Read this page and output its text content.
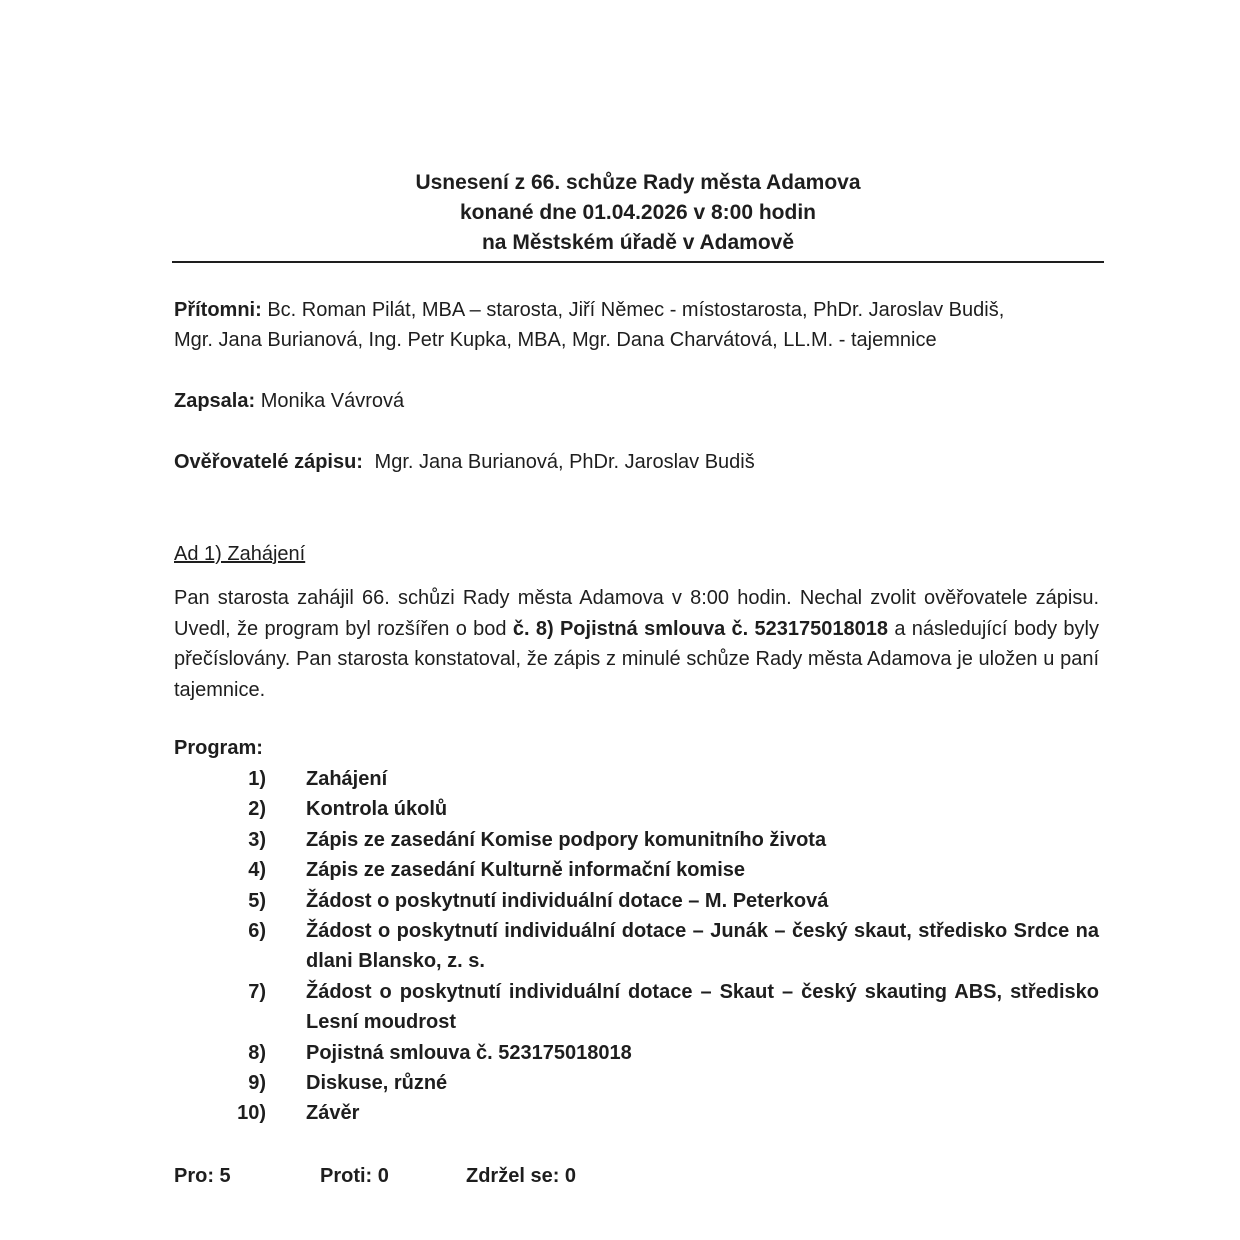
Usnesení z 66. schůze Rady města Adamova
konané dne 01.04.2026 v 8:00 hodin
na Městském úřadě v Adamově
Přítomni: Bc. Roman Pilát, MBA – starosta, Jiří Němec - místostarosta, PhDr. Jaroslav Budiš,
Mgr. Jana Burianová, Ing. Petr Kupka, MBA, Mgr. Dana Charvátová, LL.M. - tajemnice
Zapsala: Monika Vávrová
Ověřovatelé zápisu: Mgr. Jana Burianová, PhDr. Jaroslav Budiš
Ad 1) Zahájení
Pan starosta zahájil 66. schůzi Rady města Adamova v 8:00 hodin. Nechal zvolit ověřovatele zápisu. Uvedl, že program byl rozšířen o bod č. 8) Pojistná smlouva č. 523175018018 a následující body byly přečíslovány. Pan starosta konstatoval, že zápis z minulé schůze Rady města Adamova je uložen u paní tajemnice.
Program:
1)	Zahájení
2)	Kontrola úkolů
3)	Zápis ze zasedání Komise podpory komunitního života
4)	Zápis ze zasedání Kulturně informační komise
5)	Žádost o poskytnutí individuální dotace – M. Peterková
6)	Žádost o poskytnutí individuální dotace – Junák – český skaut, středisko Srdce na dlani Blansko, z. s.
7)	Žádost o poskytnutí individuální dotace – Skaut – český skauting ABS, středisko Lesní moudrost
8)	Pojistná smlouva č. 523175018018
9)	Diskuse, různé
10)	Závěr
Pro: 5	Proti: 0	Zdržel se: 0
